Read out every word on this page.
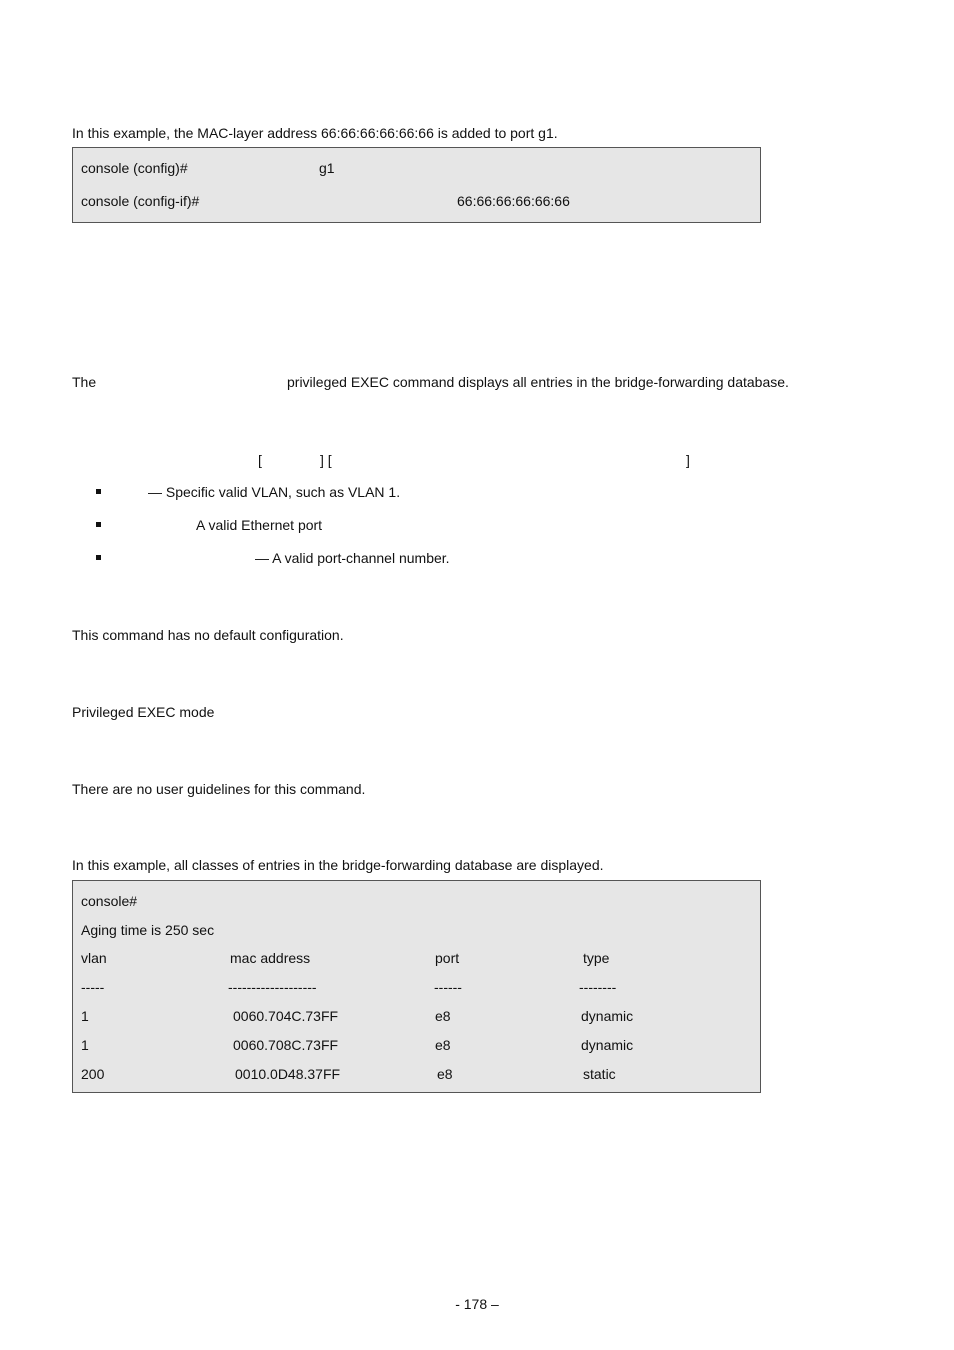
In this example, the MAC-layer address 66:66:66:66:66:66 is added to port g1.
console (config)#	g1
console (config-if)#	66:66:66:66:66:66
The	privileged EXEC command displays all entries in the bridge-forwarding database.
[	] [	]
— Specific valid VLAN, such as VLAN 1.
A valid Ethernet port
— A valid port-channel number.
This command has no default configuration.
Privileged EXEC mode
There are no user guidelines for this command.
In this example, all classes of entries in the bridge-forwarding database are displayed.
console#
Aging time is 250 sec
vlan	mac address	port	type
-----	-------------------	------	--------
1	0060.704C.73FF	e8	dynamic
1	0060.708C.73FF	e8	dynamic
200	0010.0D48.37FF	e8	static
- 178 –
